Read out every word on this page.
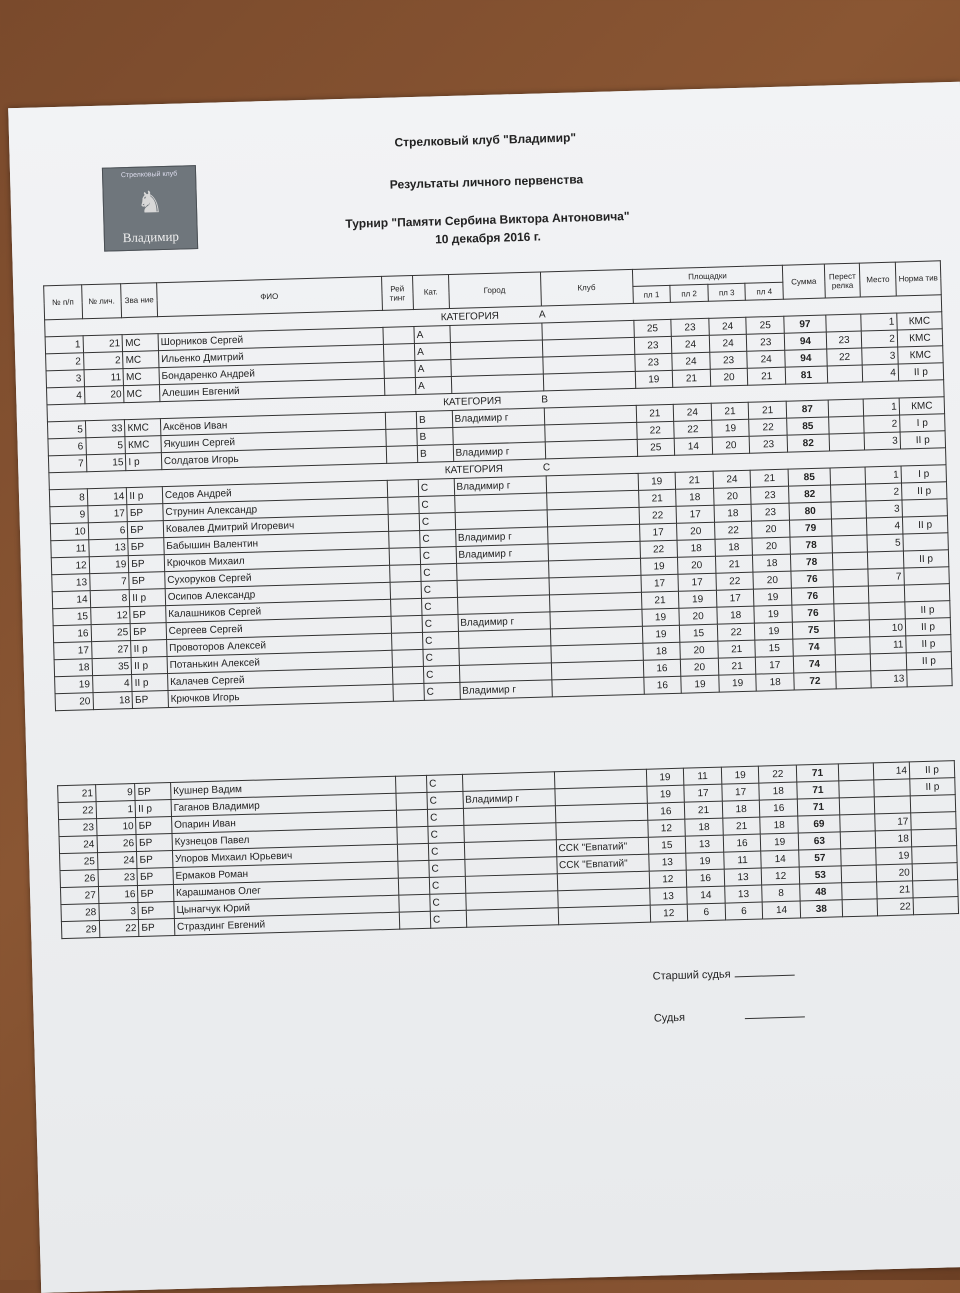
Стрелковый клуб
♞
Владимир
Стрелковый клуб "Владимир"
Результаты личного первенства
Турнир "Памяти Сербина Виктора Антоновича"
10 декабря 2016 г.
№ п/п	№ лич.	Зва ние	ФИО	Рей тинг	Кат.	Город	Клуб	Площадки				Сумма	Перест релка	Место	Норма тив
								пл 1	пл 2	пл 3	пл 4				
КАТЕГОРИЯ А															
1	21	МС	Шорников Сергей		А			25	23	24	25	97		1	КМС
2	2	МС	Ильенко Дмитрий		А			23	24	24	23	94	23	2	КМС
3	11	МС	Бондаренко Андрей		А			23	24	23	24	94	22	3	КМС
4	20	МС	Алешин Евгений		А			19	21	20	21	81		4	II р
КАТЕГОРИЯ В															
5	33	КМС	Аксёнов Иван		В	Владимир г		21	24	21	21	87		1	КМС
6	5	КМС	Якушин Сергей		В			22	22	19	22	85		2	I р
7	15	I р	Солдатов Игорь		В	Владимир г		25	14	20	23	82		3	II р
КАТЕГОРИЯ С															
8	14	II р	Седов Андрей		С	Владимир г		19	21	24	21	85		1	I р
9	17	БР	Струнин Александр		С			21	18	20	23	82		2	II р
10	6	БР	Ковалев Дмитрий Игоревич		С			22	17	18	23	80		3	
11	13	БР	Бабышин Валентин		С	Владимир г		17	20	22	20	79		4	II р
12	19	БР	Крючков Михаил		С	Владимир г		22	18	18	20	78		5	
13	7	БР	Сухоруков Сергей		С			19	20	21	18	78			II р
14	8	II р	Осипов Александр		С			17	17	22	20	76		7	
15	12	БР	Калашников Сергей		С			21	19	17	19	76			
16	25	БР	Сергеев Сергей		С	Владимир г		19	20	18	19	76			II р
17	27	II р	Провоторов Алексей		С			19	15	22	19	75		10	II р
18	35	II р	Потанькин Алексей		С			18	20	21	15	74		11	II р
19	4	II р	Калачев Сергей		С			16	20	21	17	74			II р
20	18	БР	Крючков Игорь		С	Владимир г		16	19	19	18	72		13	
21	9	БР	Кушнер Вадим		С			19	11	19	22	71		14	II р
22	1	II р	Гаганов Владимир		С	Владимир г		19	17	17	18	71			II р
23	10	БР	Опарин Иван		С			16	21	18	16	71			
24	26	БР	Кузнецов Павел		С			12	18	21	18	69		17	
25	24	БР	Упоров Михаил Юрьевич		С		ССК "Евпатий"	15	13	16	19	63		18	
26	23	БР	Ермаков Роман		С		ССК "Евпатий"	13	19	11	14	57		19	
27	16	БР	Карашманов Олег		С			12	16	13	12	53		20	
28	3	БР	Цынагчук Юрий		С			13	14	13	8	48		21	
29	22	БР	Страздинг Евгений		С			12	6	6	14	38		22	
Старший судья
Судья
